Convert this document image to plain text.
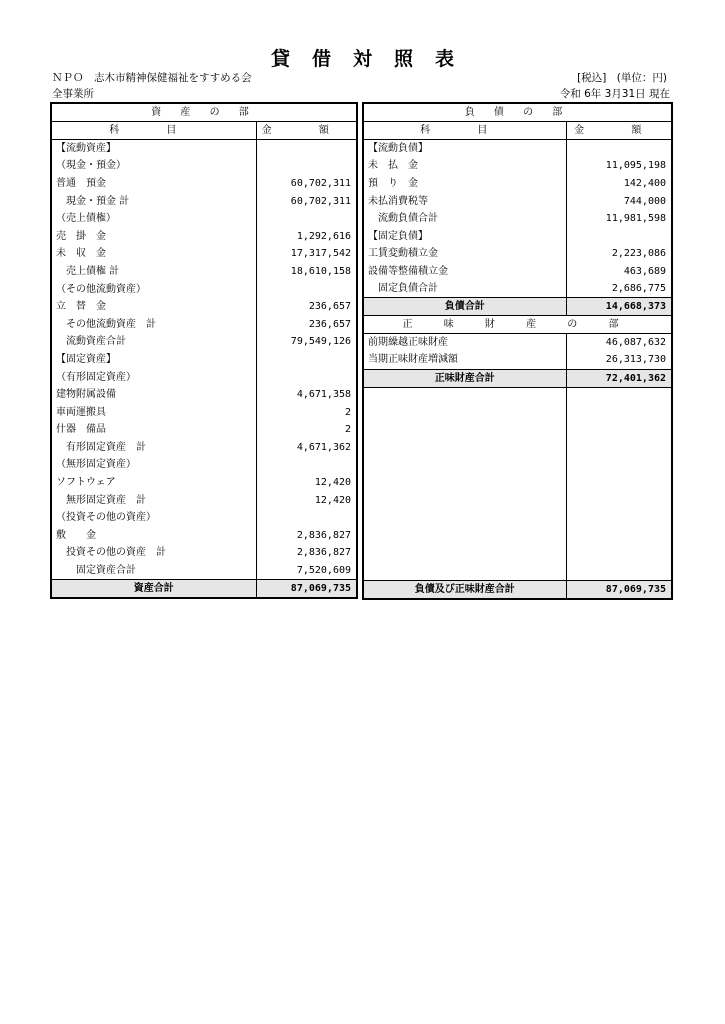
貸借対照表
ＮＰＯ　志木市精神保健福祉をすすめる会	[税込]　(単位：円)
全事業所	令和 6年 3月31日 現在
資 産 の 部	
科 目	金 額
【流動資産】	
（現金・預金）	
普通　預金	60,702,311
　現金・預金 計	60,702,311
（売上債権）	
売　掛　金	1,292,616
未　収　金	17,317,542
　売上債権 計	18,610,158
（その他流動資産）	
立　替　金	236,657
　その他流動資産　計	236,657
　流動資産合計	79,549,126
【固定資産】	
（有形固定資産）	
建物附属設備	4,671,358
車両運搬具	2
什器　備品	2
　有形固定資産　計	4,671,362
（無形固定資産）	
ソフトウェア	12,420
　無形固定資産　計	12,420
（投資その他の資産）	
敷　　金	2,836,827
　投資その他の資産　計	2,836,827
　　固定資産合計	7,520,609
資産合計	87,069,735
負 債 の 部	
科 目	金 額
【流動負債】	
未　払　金	11,095,198
預　り　金	142,400
未払消費税等	744,000
　流動負債合計	11,981,598
【固定負債】	
工賃変動積立金	2,223,086
設備等整備積立金	463,689
　固定負債合計	2,686,775
負債合計	14,668,373
正 味 財 産 の 部	
前期繰越正味財産	46,087,632
当期正味財産増減額	26,313,730
正味財産合計	72,401,362

負債及び正味財産合計	87,069,735
